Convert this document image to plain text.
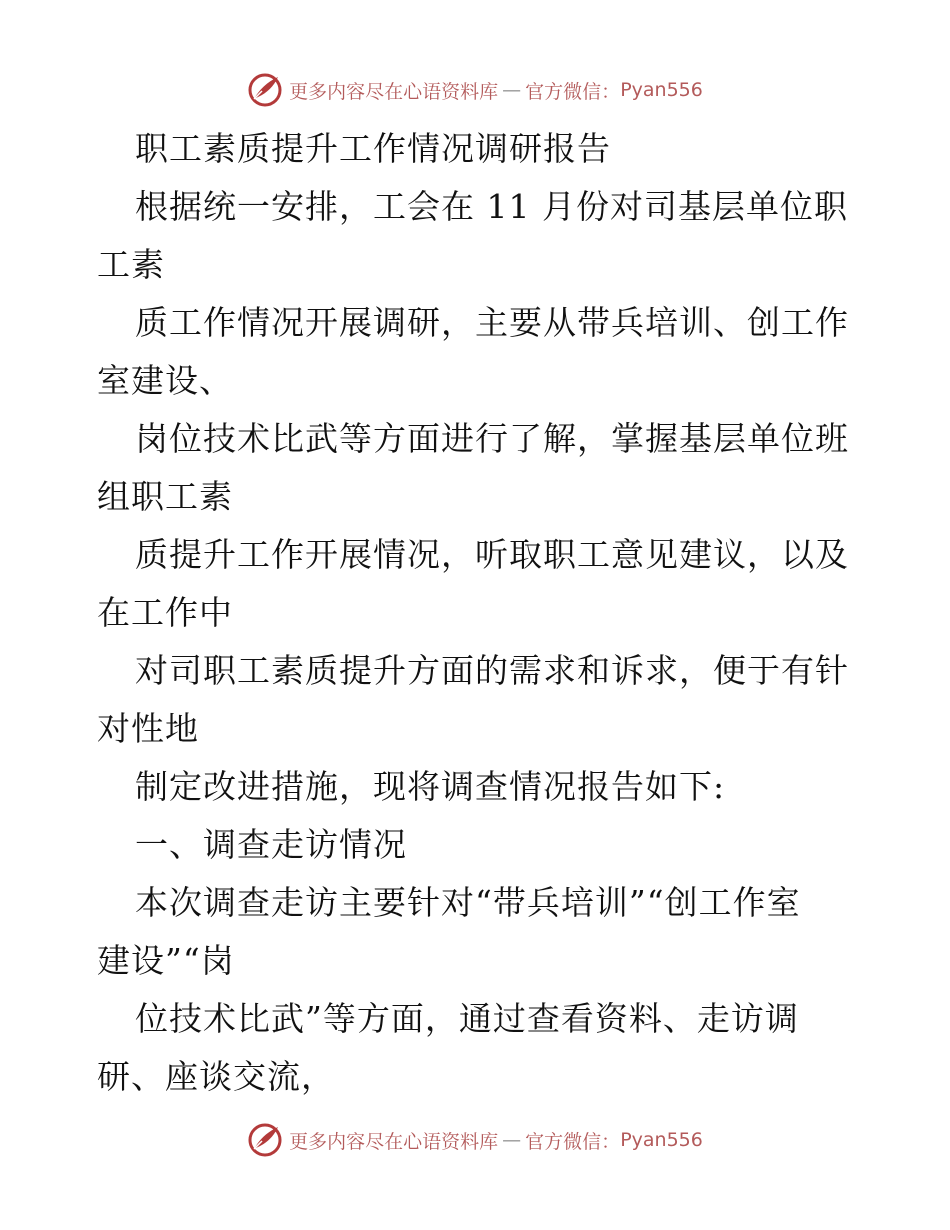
更多内容尽在心语资料库 — 官方微信： Pyan556
职工素质提升工作情况调研报告
根据统一安排，工会在 11 月份对司基层单位职
工素
质工作情况开展调研，主要从带兵培训、创工作
室建设、
岗位技术比武等方面进行了解，掌握基层单位班
组职工素
质提升工作开展情况，听取职工意见建议，以及
在工作中
对司职工素质提升方面的需求和诉求，便于有针
对性地
制定改进措施，现将调查情况报告如下:
一、调查走访情况
本次调查走访主要针对“带兵培训”“创工作室
建设”“岗
位技术比武”等方面，通过查看资料、走访调
研、座谈交流，
更多内容尽在心语资料库 — 官方微信： Pyan556
